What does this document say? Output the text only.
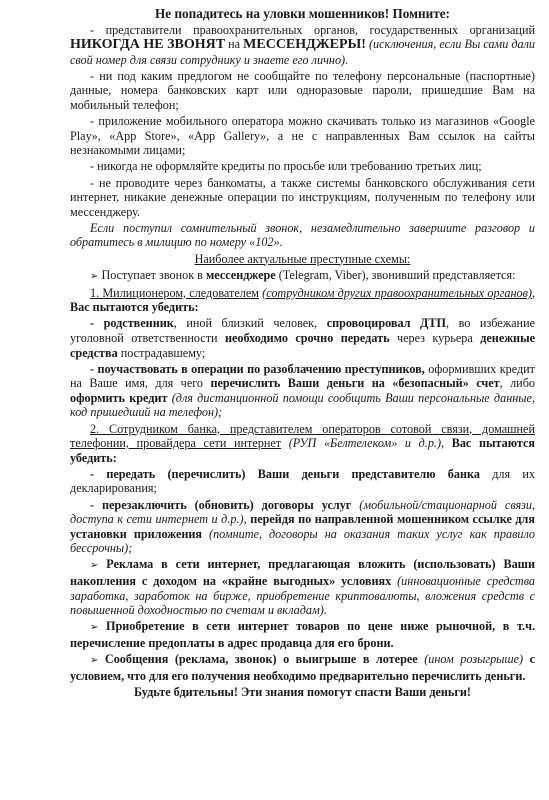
Не попадитесь на уловки мошенников! Помните:

- представители правоохранительных органов, государственных организаций НИКОГДА НЕ ЗВОНЯТ на МЕССЕНДЖЕРЫ! (исключения, если Вы сами дали свой номер для связи сотруднику и знаете его лично).

- ни под каким предлогом не сообщайте по телефону персональные (паспортные) данные, номера банковских карт или одноразовые пароли, пришедшие Вам на мобильный телефон;

- приложение мобильного оператора можно скачивать только из магазинов «Google Play», «App Store», «App Gallery», а не с направленных Вам ссылок на сайты незнакомыми лицами;

- никогда не оформляйте кредиты по просьбе или требованию третьих лиц;

- не проводите через банкоматы, а также системы банковского обслуживания сети интернет, никакие денежные операции по инструкциям, полученным по телефону или мессенджеру.

Если поступил сомнительный звонок, незамедлительно завершите разговор и обратитесь в милицию по номеру «102».

Наиболее актуальные преступные схемы:

➢ Поступает звонок в мессенджере (Telegram, Viber), звонивший представляется:

1. Милиционером, следователем (сотрудником других правоохранительных органов), Вас пытаются убедить:

- родственник, иной близкий человек, спровоцировал ДТП, во избежание уголовной ответственности необходимо срочно передать через курьера денежные средства пострадавшему;

- поучаствовать в операции по разоблачению преступников, оформивших кредит на Ваше имя, для чего перечислить Ваши деньги на «безопасный» счет, либо оформить кредит (для дистанционной помощи сообщить Ваши персональные данные, код пришедший на телефон);

2. Сотрудником банка, представителем операторов сотовой связи, домашней телефонии, провайдера сети интернет (РУП «Белтелеком» и д.р.), Вас пытаются убедить:

- передать (перечислить) Ваши деньги представителю банка для их декларирования;

- перезаключить (обновить) договоры услуг (мобильной/стационарной связи, доступа к сети интернет и д.р.), перейдя по направленной мошенником ссылке для установки приложения (помните, договоры на оказания таких услуг как правило бессрочны);

➢ Реклама в сети интернет, предлагающая вложить (использовать) Ваши накопления с доходом на «крайне выгодных» условиях (инновационные средства заработка, заработок на бирже, приобретение криптовалюты, вложения средств с повышенной доходностью по счетам и вкладам).

➢ Приобретение в сети интернет товаров по цене ниже рыночной, в т.ч. перечисление предоплаты в адрес продавца для его брони.

➢ Сообщения (реклама, звонок) о выигрыше в лотерее (ином розыгрыше) с условием, что для его получения необходимо предварительно перечислить деньги.

Будьте бдительны! Эти знания помогут спасти Ваши деньги!
